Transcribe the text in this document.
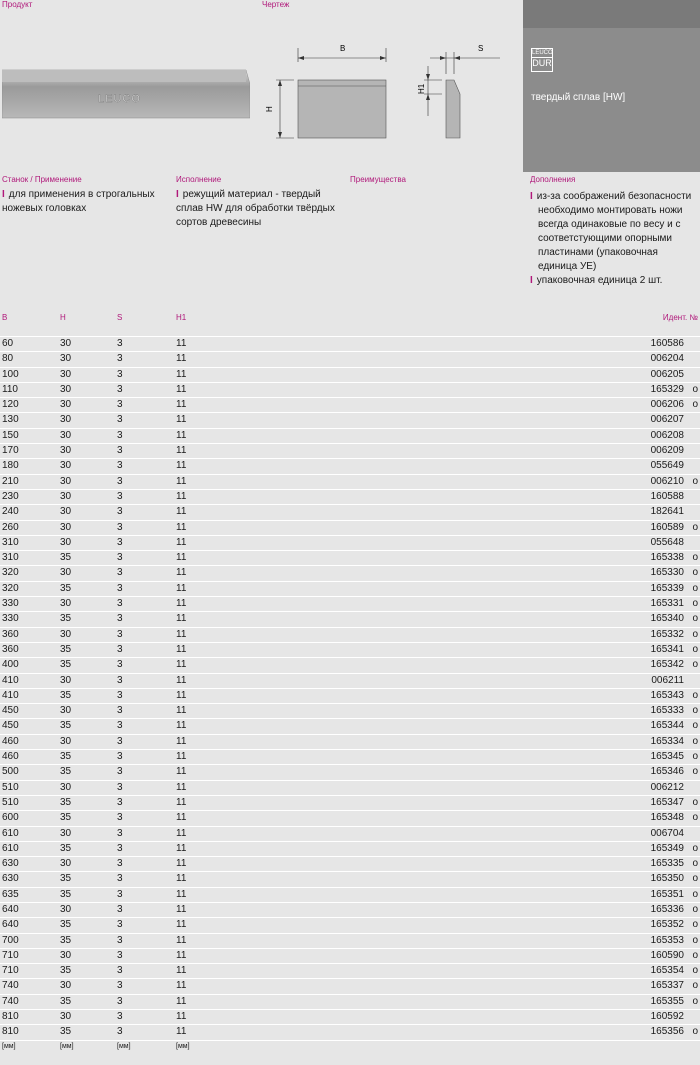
Продукт	Чертеж
LEUCO
B
H
S
H1
LEUCO
DUR
твердый сплав [HW]
Станок / Применение	Исполнение	Преимущества	Дополнения
I для применения в строгальных ножевых головках
I режущий материал - твердый сплав HW для обработки твёрдых сортов древесины
I из-за соображений безопасности необходимо монтировать ножи всегда одинаковые по весу и с соответстующими опорными пластинами (упаковочная единица УЕ)
I упаковочная единица 2 шт.
B	H	S	H1	Идент. №
60	30	3	11	160586
80	30	3	11	006204
100	30	3	11	006205
110	30	3	11	165329 o
120	30	3	11	006206 o
130	30	3	11	006207
150	30	3	11	006208
170	30	3	11	006209
180	30	3	11	055649
210	30	3	11	006210 o
230	30	3	11	160588
240	30	3	11	182641
260	30	3	11	160589 o
310	30	3	11	055648
310	35	3	11	165338 o
320	30	3	11	165330 o
320	35	3	11	165339 o
330	30	3	11	165331 o
330	35	3	11	165340 o
360	30	3	11	165332 o
360	35	3	11	165341 o
400	35	3	11	165342 o
410	30	3	11	006211
410	35	3	11	165343 o
450	30	3	11	165333 o
450	35	3	11	165344 o
460	30	3	11	165334 o
460	35	3	11	165345 o
500	35	3	11	165346 o
510	30	3	11	006212
510	35	3	11	165347 o
600	35	3	11	165348 o
610	30	3	11	006704
610	35	3	11	165349 o
630	30	3	11	165335 o
630	35	3	11	165350 o
635	35	3	11	165351 o
640	30	3	11	165336 o
640	35	3	11	165352 o
700	35	3	11	165353 o
710	30	3	11	160590 o
710	35	3	11	165354 o
740	30	3	11	165337 o
740	35	3	11	165355 o
810	30	3	11	160592
810	35	3	11	165356 o
[мм]	[мм]	[мм]	[мм]
